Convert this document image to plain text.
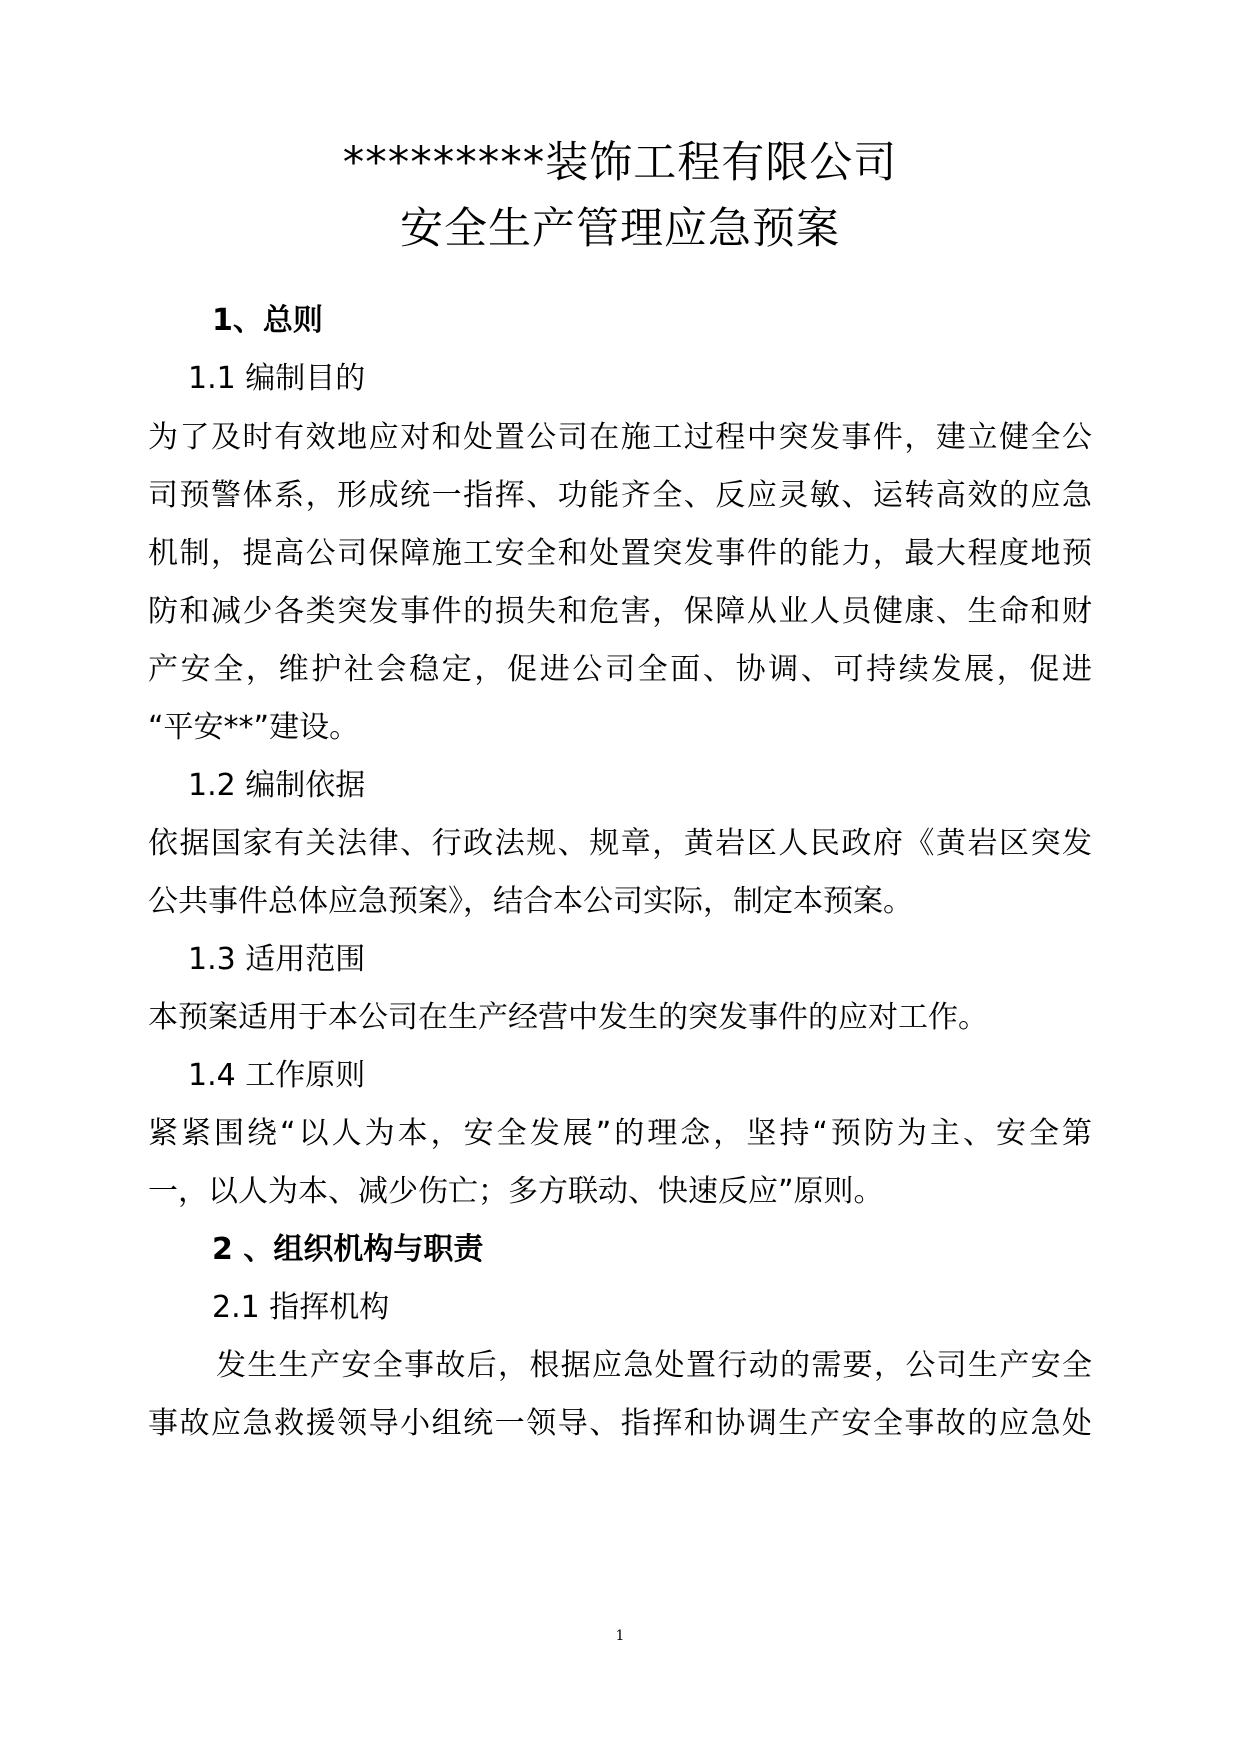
*********装饰工程有限公司
安全生产管理应急预案
1、总则
1.1 编制目的
为了及时有效地应对和处置公司在施工过程中突发事件，建立健全公
司预警体系，形成统一指挥、功能齐全、反应灵敏、运转高效的应急
机制，提高公司保障施工安全和处置突发事件的能力，最大程度地预
防和减少各类突发事件的损失和危害，保障从业人员健康、生命和财
产安全，维护社会稳定，促进公司全面、协调、可持续发展，促进
“平安**”建设。
1.2 编制依据
依据国家有关法律、行政法规、规章，黄岩区人民政府《黄岩区突发
公共事件总体应急预案》，结合本公司实际，制定本预案。
1.3 适用范围
本预案适用于本公司在生产经营中发生的突发事件的应对工作。
1.4 工作原则
紧紧围绕“以人为本，安全发展”的理念，坚持“预防为主、安全第
一，以人为本、减少伤亡；多方联动、快速反应”原则。
2 、组织机构与职责
2.1 指挥机构
发生生产安全事故后，根据应急处置行动的需要，公司生产安全
事故应急救援领导小组统一领导、指挥和协调生产安全事故的应急处
1
